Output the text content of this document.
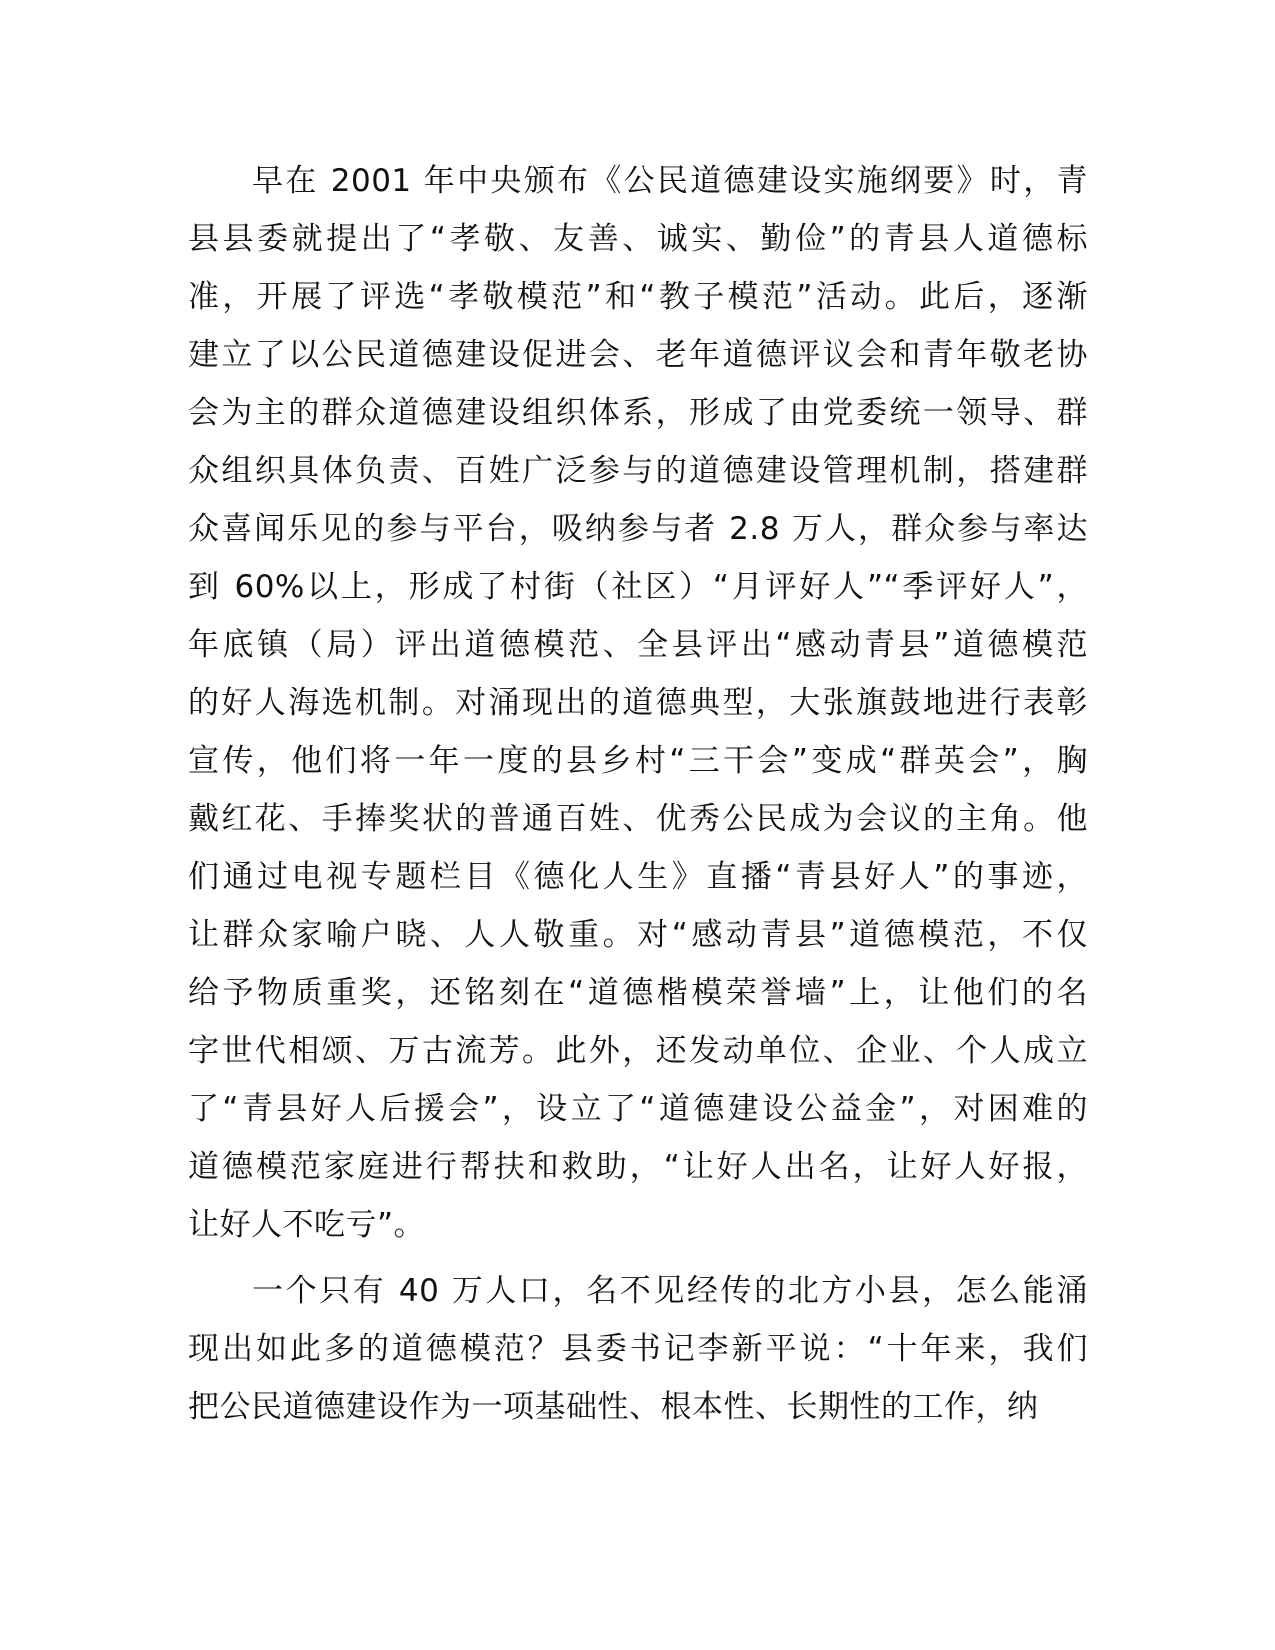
早在 2001 年中央颁布《公民道德建设实施纲要》时，青
县县委就提出了“孝敬、友善、诚实、勤俭”的青县人道德标
准，开展了评选“孝敬模范”和“教子模范”活动。此后，逐渐
建立了以公民道德建设促进会、老年道德评议会和青年敬老协
会为主的群众道德建设组织体系，形成了由党委统一领导、群
众组织具体负责、百姓广泛参与的道德建设管理机制，搭建群
众喜闻乐见的参与平台，吸纳参与者 2.8 万人，群众参与率达
到 60%以上，形成了村街（社区）“月评好人”“季评好人”，
年底镇（局）评出道德模范、全县评出“感动青县”道德模范
的好人海选机制。对涌现出的道德典型，大张旗鼓地进行表彰
宣传，他们将一年一度的县乡村“三干会”变成“群英会”，胸
戴红花、手捧奖状的普通百姓、优秀公民成为会议的主角。他
们通过电视专题栏目《德化人生》直播“青县好人”的事迹，
让群众家喻户晓、人人敬重。对“感动青县”道德模范，不仅
给予物质重奖，还铭刻在“道德楷模荣誉墙”上，让他们的名
字世代相颂、万古流芳。此外，还发动单位、企业、个人成立
了“青县好人后援会”，设立了“道德建设公益金”，对困难的
道德模范家庭进行帮扶和救助，“让好人出名，让好人好报，
让好人不吃亏”。
一个只有 40 万人口，名不见经传的北方小县，怎么能涌
现出如此多的道德模范？县委书记李新平说：“十年来，我们
把公民道德建设作为一项基础性、根本性、长期性的工作，纳
